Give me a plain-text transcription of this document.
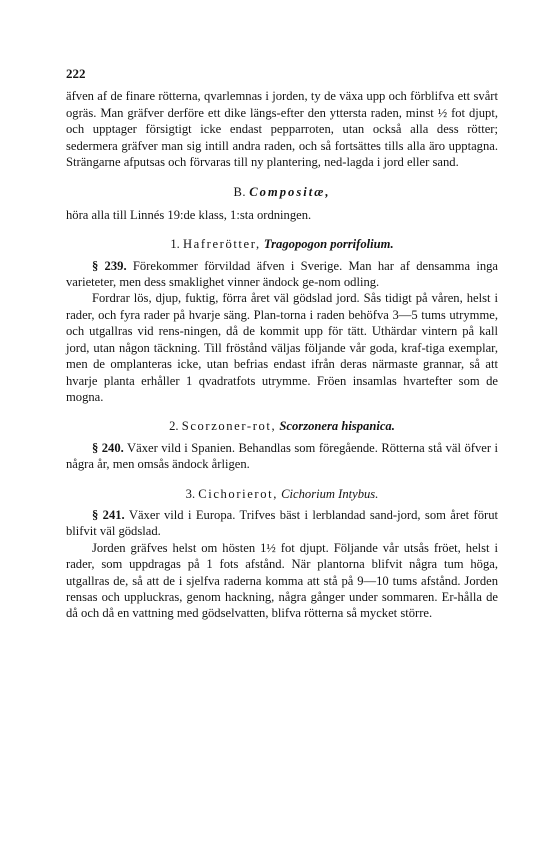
222

äfven af de finare rötterna, qvarlemnas i jorden, ty de växa upp och förblifva ett svårt ogräs. Man gräfver derföre ett dike längs-efter den yttersta raden, minst ½ fot djupt, och upptager försigtigt icke endast pepparroten, utan också alla dess rötter; sedermera gräfver man sig intill andra raden, och så fortsättes tills alla äro upptagna. Strängarne afputsas och förvaras till ny plantering, ned-lagda i jord eller sand.

B. Compositæ,

höra alla till Linnés 19:de klass, 1:sta ordningen.

1. Hafrerötter, Tragopogon porrifolium.

§ 239. Förekommer förvildad äfven i Sverige. Man har af densamma inga varieteter, men dess smaklighet vinner ändock ge-nom odling.

Fordrar lös, djup, fuktig, förra året väl gödslad jord. Sås tidigt på våren, helst i rader, och fyra rader på hvarje säng. Plan-torna i raden behöfva 3—5 tums utrymme, och utgallras vid rens-ningen, då de kommit upp för tätt. Uthärdar vintern på kall jord, utan någon täckning. Till fröstånd väljas följande vår goda, kraf-tiga exemplar, men de omplanteras icke, utan befrias endast ifrån deras närmaste grannar, så att hvarje planta erhåller 1 qvadratfots utrymme. Fröen insamlas hvartefter som de mogna.

2. Scorzoner-rot, Scorzonera hispanica.

§ 240. Växer vild i Spanien. Behandlas som föregående. Rötterna stå väl öfver i några år, men omsås ändock årligen.

3. Cichorierot, Cichorium Intybus.

§ 241. Växer vild i Europa. Trifves bäst i lerblandad sand-jord, som året förut blifvit väl gödslad.

Jorden gräfves helst om hösten 1½ fot djupt. Följande vår utsås fröet, helst i rader, som uppdragas på 1 fots afstånd. När plantorna blifvit några tum höga, utgallras de, så att de i sjelfva raderna komma att stå på 9—10 tums afstånd. Jorden rensas och uppluckras, genom hackning, några gånger under sommaren. Er-hålla de då och då en vattning med gödselvatten, blifva rötterna så mycket större.
